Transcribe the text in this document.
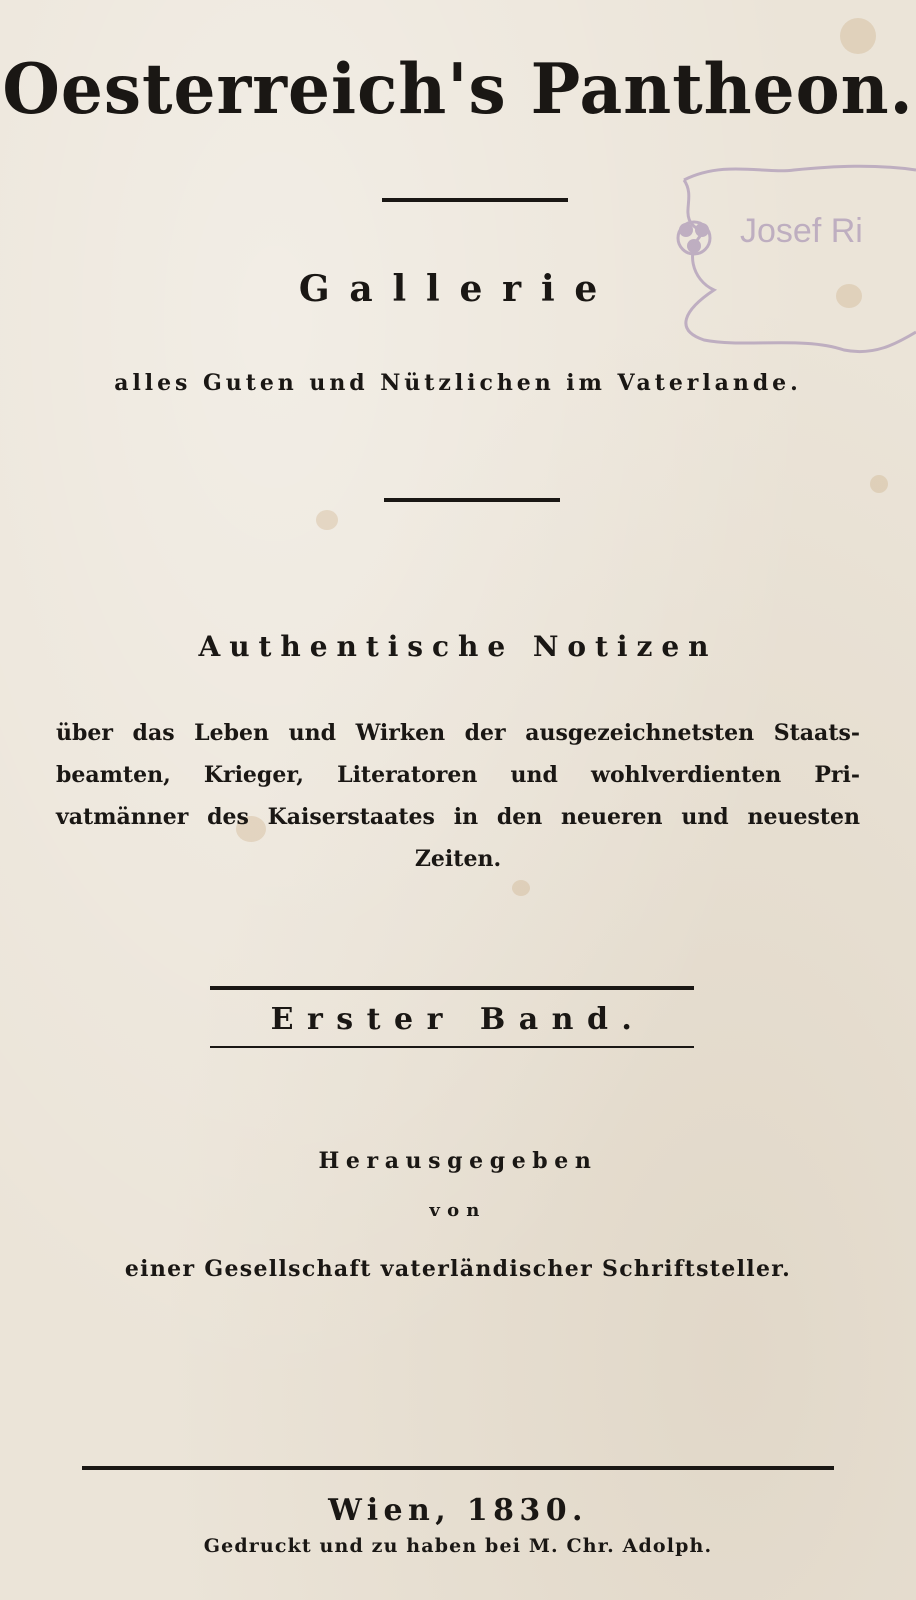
Josef Ri
Oesterreich's Pantheon.
Gallerie
alles Guten und Nützlichen im Vaterlande.
Authentische Notizen
über das Leben und Wirken der ausgezeichnetsten Staats-beamten, Krieger, Literatoren und wohlverdienten Pri-vatmänner des Kaiserstaates in den neueren und neuesten Zeiten.
Erster Band.
Herausgegeben
von
einer Gesellschaft vaterländischer Schriftsteller.
Wien, 1830.
Gedruckt und zu haben bei M. Chr. Adolph.
